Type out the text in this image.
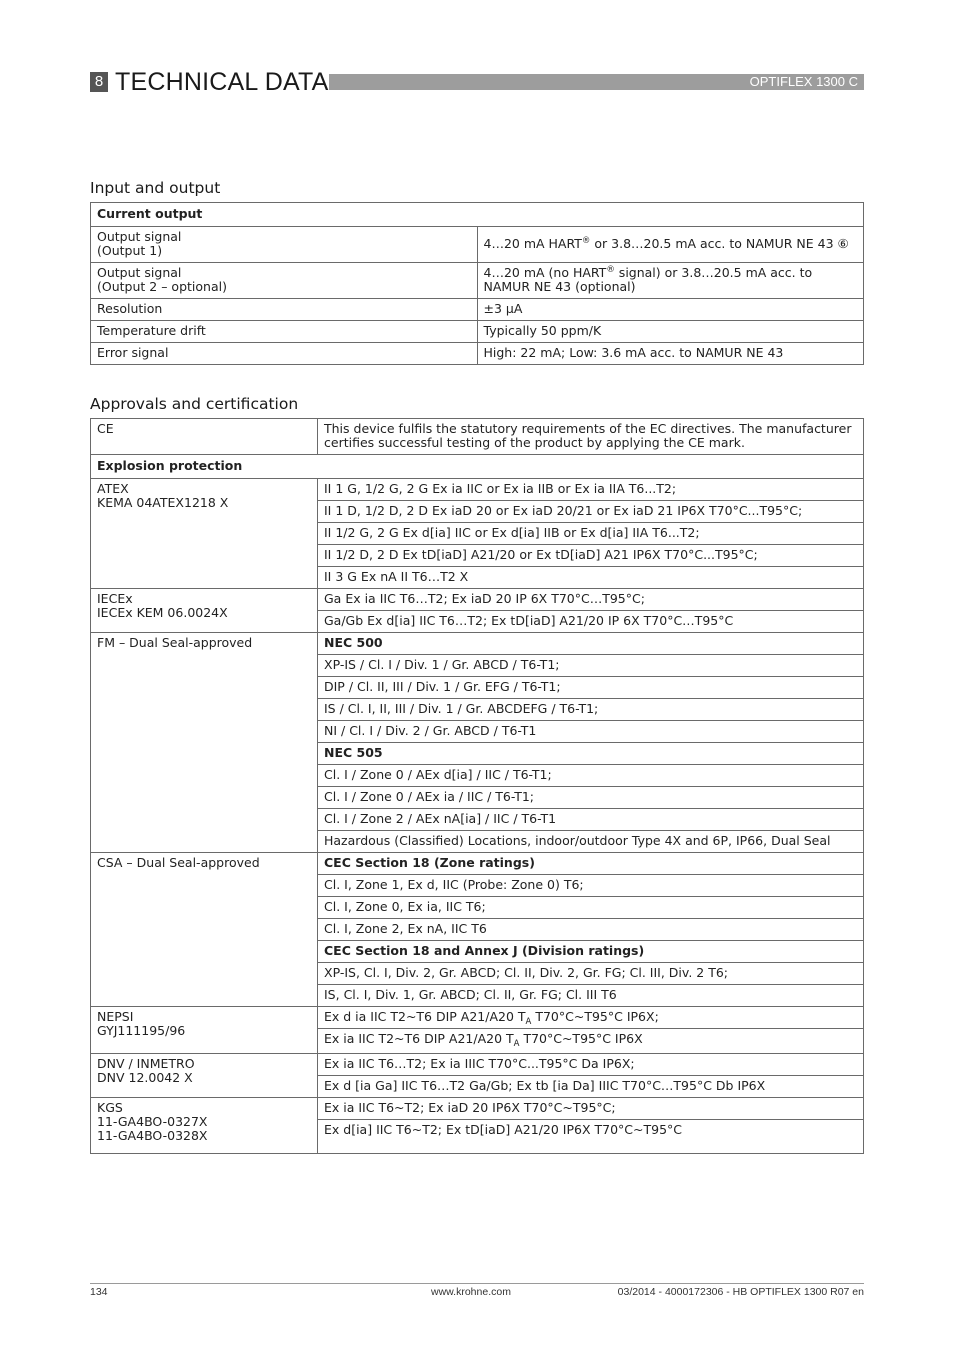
8 TECHNICAL DATA	OPTIFLEX 1300 C
Input and output
Current output	

Output signal
(Output 1)	4…20 mA HART® or 3.8…20.5 mA acc. to NAMUR NE 43 ⑥

Output signal
(Output 2 – optional)	4…20 mA (no HART® signal) or 3.8…20.5 mA acc. to NAMUR NE 43 (optional)
Resolution	±3 µA
Temperature drift	Typically 50 ppm/K
Error signal	High: 22 mA; Low: 3.6 mA acc. to NAMUR NE 43
Approvals and certification
CE	This device fulfils the statutory requirements of the EC directives. The manufacturer certifies successful testing of the product by applying the CE mark.
Explosion protection	

ATEX
KEMA 04ATEX1218 X	II 1 G, 1/2 G, 2 G Ex ia IIC or Ex ia IIB or Ex ia IIA T6...T2;
	II 1 D, 1/2 D, 2 D Ex iaD 20 or Ex iaD 20/21 or Ex iaD 21 IP6X T70°C...T95°C;
	II 1/2 G, 2 G Ex d[ia] IIC or Ex d[ia] IIB or Ex d[ia] IIA T6...T2;
	II 1/2 D, 2 D Ex tD[iaD] A21/20 or Ex tD[iaD] A21 IP6X T70°C...T95°C;
	II 3 G Ex nA II T6…T2 X

IECEx
IECEx KEM 06.0024X	Ga Ex ia IIC T6…T2; Ex iaD 20 IP 6X T70°C…T95°C;
	Ga/Gb Ex d[ia] IIC T6…T2; Ex tD[iaD] A21/20 IP 6X T70°C…T95°C
FM – Dual Seal-approved	NEC 500
	XP-IS / Cl. I / Div. 1 / Gr. ABCD / T6-T1;
	DIP / Cl. II, III / Div. 1 / Gr. EFG / T6-T1;
	IS / Cl. I, II, III / Div. 1 / Gr. ABCDEFG / T6-T1;
	NI / Cl. I / Div. 2 / Gr. ABCD / T6-T1
	NEC 505
	Cl. I / Zone 0 / AEx d[ia] / IIC / T6-T1;
	Cl. I / Zone 0 / AEx ia / IIC / T6-T1;
	Cl. I / Zone 2 / AEx nA[ia] / IIC / T6-T1
	Hazardous (Classified) Locations, indoor/outdoor Type 4X and 6P, IP66, Dual Seal
CSA – Dual Seal-approved	CEC Section 18 (Zone ratings)
	Cl. I, Zone 1, Ex d, IIC (Probe: Zone 0) T6;
	Cl. I, Zone 0, Ex ia, IIC T6;
	Cl. I, Zone 2, Ex nA, IIC T6
	CEC Section 18 and Annex J (Division ratings)
	XP-IS, Cl. I, Div. 2, Gr. ABCD; Cl. II, Div. 2, Gr. FG; Cl. III, Div. 2 T6;
	IS, Cl. I, Div. 1, Gr. ABCD; Cl. II, Gr. FG; Cl. III T6

NEPSI
GYJ111195/96	Ex d ia IIC T2~T6 DIP A21/A20 $T_A$ T70°C~T95°C IP6X;
	Ex ia IIC T2~T6 DIP A21/A20 $T_A$ T70°C~T95°C IP6X

DNV / INMETRO
DNV 12.0042 X	Ex ia IIC T6…T2; Ex ia IIIC T70°C...T95°C Da IP6X;
	Ex d [ia Ga] IIC T6…T2 Ga/Gb; Ex tb [ia Da] IIIC T70°C…T95°C Db IP6X

KGS
11-GA4BO-0327X
11-GA4BO-0328X	Ex ia IIC T6~T2; Ex iaD 20 IP6X T70°C~T95°C;
	Ex d[ia] IIC T6~T2; Ex tD[iaD] A21/20 IP6X T70°C~T95°C
134	www.krohne.com	03/2014 - 4000172306 - HB OPTIFLEX 1300 R07 en
